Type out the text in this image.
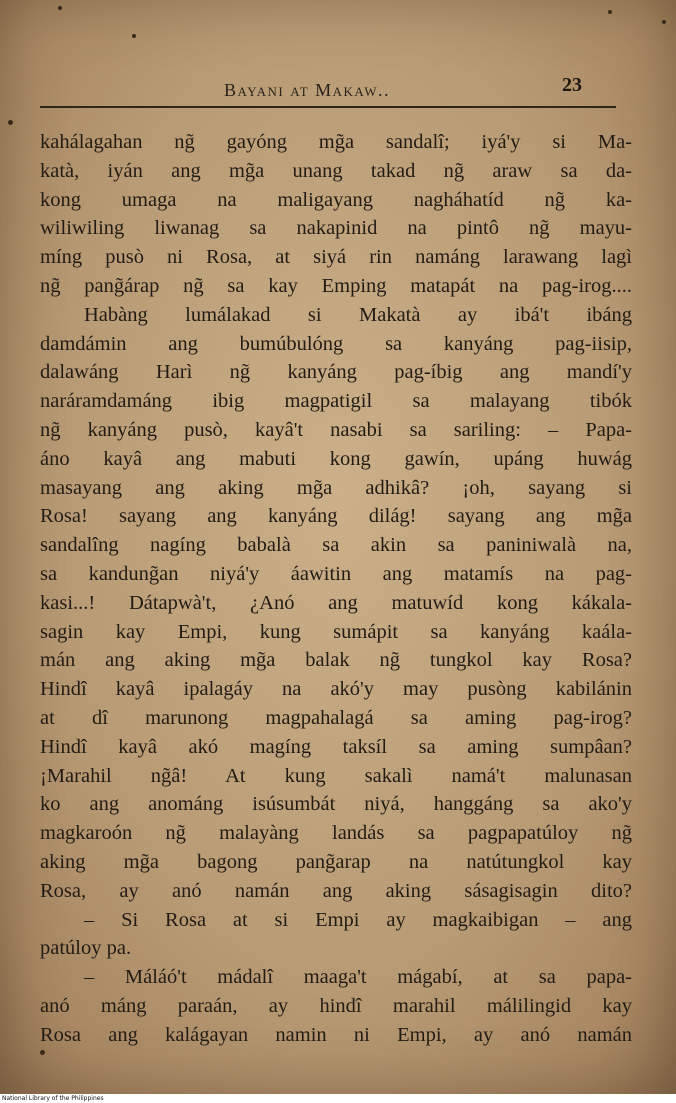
Bayani at Makaw..	23
kahálagahan ng̃ gayóng mg̃a sandalî; iyá'y si Ma-
katà, iyán ang mg̃a unang takad ng̃ araw sa da-
kong umaga na maligayang nagháhatíd ng̃ ka-
wiliwiling liwanag sa nakapinid na pintô ng̃ mayu-
míng pusò ni Rosa, at siyá rin namáng larawang lagì
ng̃ pang̃árap ng̃ sa kay Emping matapát na pag-irog....
Habàng lumálakad si Makatà ay ibá't ibáng
damdámin ang bumúbulóng sa kanyáng pag-iisip,
dalawáng Harì ng̃ kanyáng pag-íbig ang mandí'y
naráramdamáng ibig magpatigil sa malayang tibók
ng̃ kanyáng pusò, kayâ't nasabi sa sariling: – Papa-
áno kayâ ang mabuti kong gawín, upáng huwág
masayang ang aking mg̃a adhikâ? ¡oh, sayang si
Rosa! sayang ang kanyáng dilág! sayang ang mg̃a
sandalîng nagíng babalà sa akin sa paniniwalà na,
sa kandung̃an niyá'y áawitin ang matamís na pag-
kasi...! Dátapwà't, ¿Anó ang matuwíd kong kákala-
sagin kay Empi, kung sumápit sa kanyáng kaála-
mán ang aking mg̃a balak ng̃ tungkol kay Rosa?
Hindî kayâ ipalagáy na akó'y may pusòng kabilánin
at dî marunong magpahalagá sa aming pag-irog?
Hindî kayâ akó magíng taksíl sa aming sumpâan?
¡Marahil ng̃â! At kung sakalì namá't malunasan
ko ang anománg isúsumbát niyá, hanggáng sa ako'y
magkaroón ng̃ malayàng landás sa pagpapatúloy ng̃
aking mg̃a bagong pang̃arap na natútungkol kay
Rosa, ay anó namán ang aking sásagisagin dito?
– Si Rosa at si Empi ay magkaibigan – ang
patúloy pa.
– Máláó't mádalî maaga't mágabí, at sa papa-
anó máng paraán, ay hindî marahil málilingid kay
Rosa ang kalágayan namin ni Empi, ay anó namán
National Library of the Philippines
